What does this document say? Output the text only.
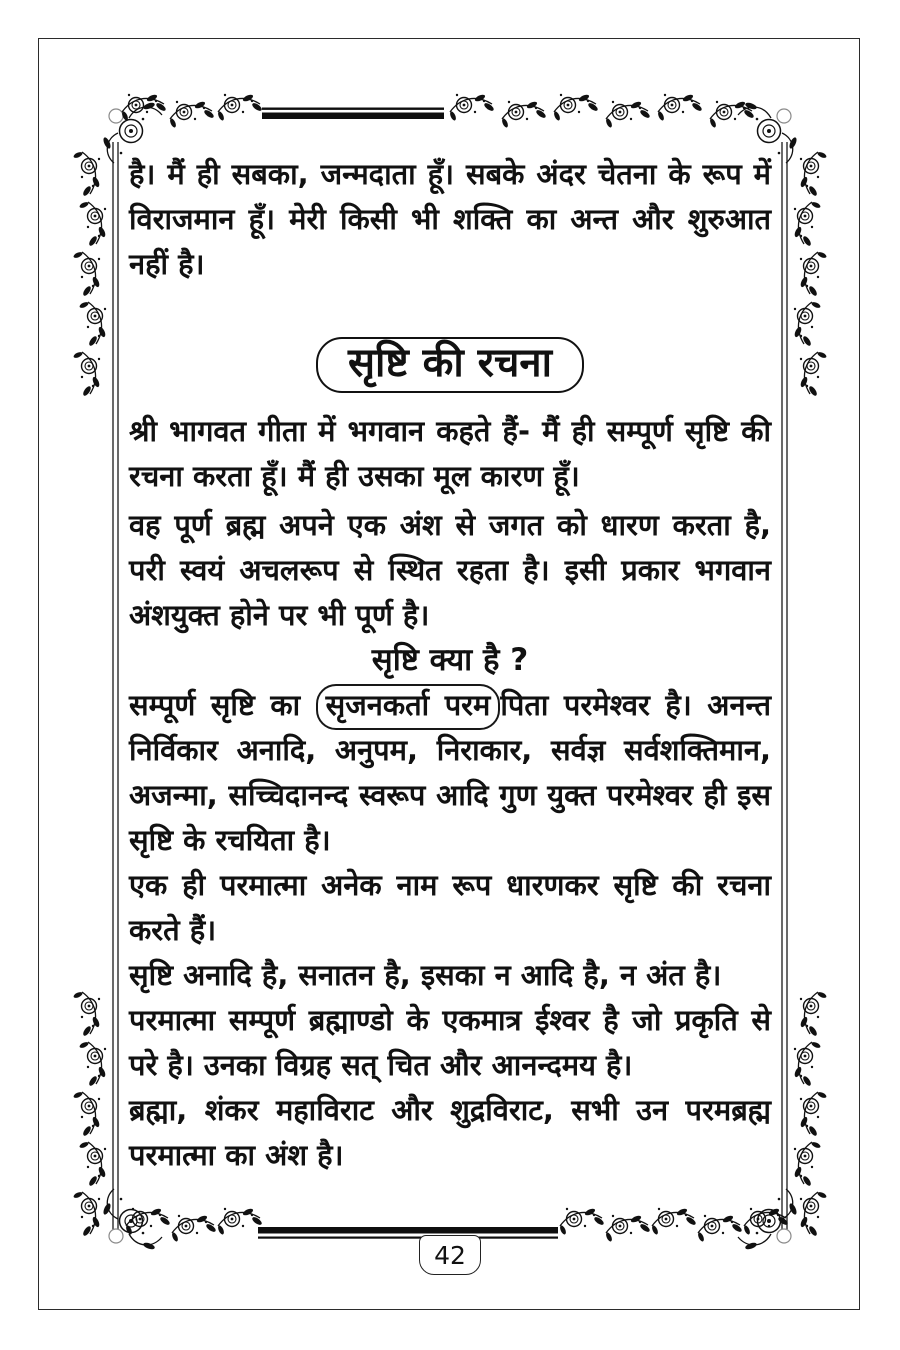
है। मैं ही सबका, जन्मदाता हूँ। सबके अंदर चेतना के रूप में विराजमान हूँ। मेरी किसी भी शक्ति का अन्त और शुरुआत नहीं है।

सृष्टि की रचना

श्री भागवत गीता में भगवान कहते हैं- मैं ही सम्पूर्ण सृष्टि की रचना करता हूँ। मैं ही उसका मूल कारण हूँ।

वह पूर्ण ब्रह्म अपने एक अंश से जगत को धारण करता है, परी स्वयं अचलरूप से स्थित रहता है। इसी प्रकार भगवान अंशयुक्त होने पर भी पूर्ण है।

सृष्टि क्या है ?

सम्पूर्ण सृष्टि का सृजनकर्ता परम पिता परमेश्वर है। अनन्त निर्विकार अनादि, अनुपम, निराकार, सर्वज्ञ सर्वशक्तिमान, अजन्मा, सच्चिदानन्द स्वरूप आदि गुण युक्त परमेश्वर ही इस सृष्टि के रचयिता है।

एक ही परमात्मा अनेक नाम रूप धारणकर सृष्टि की रचना करते हैं।

सृष्टि अनादि है, सनातन है, इसका न आदि है, न अंत है।

परमात्मा सम्पूर्ण ब्रह्माण्डो के एकमात्र ईश्वर है जो प्रकृति से परे है। उनका विग्रह सत् चित और आनन्दमय है।

ब्रह्मा, शंकर महाविराट और शुद्रविराट, सभी उन परमब्रह्म परमात्मा का अंश है।

42
